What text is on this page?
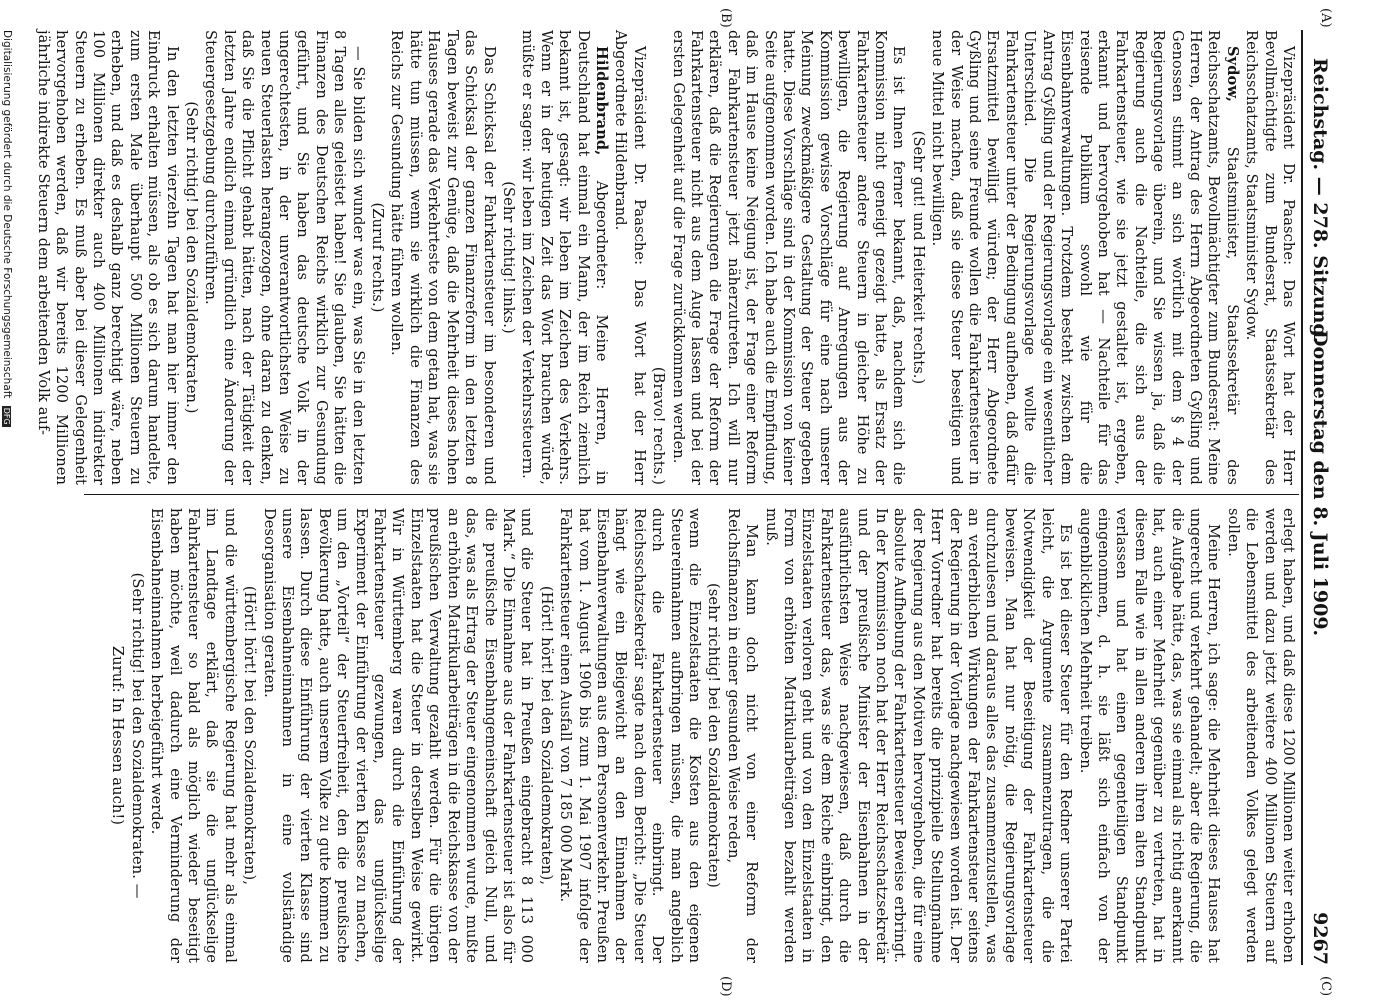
Reichstag. — 278. Sitzung.
Donnerstag den 8. Juli 1909.
9267
(A)
(B)
(C)
(D)

Vizepräsident Dr. Paasche: Das Wort hat der Herr Bevollmächtigte zum Bundesrat, Staatssekretär des Reichsschatzamts, Staatsminister Sydow.

Sydow, Staatsminister, Staatssekretär des Reichsschatzamts, Bevollmächtigter zum Bundesrat: Meine Herren, der Antrag des Herrn Abgeordneten Gyßling und Genossen stimmt an sich wörtlich mit dem § 4 der Regierungsvorlage überein, und Sie wissen ja, daß die Regierung auch die Nachteile, die sich aus der Fahrkartensteuer, wie sie jetzt gestaltet ist, ergeben, erkannt und hervorgehoben hat — Nachteile für das reisende Publikum sowohl wie für die Eisenbahnverwaltungen. Trotzdem besteht zwischen dem Antrag Gyßling und der Regierungsvorlage ein wesentlicher Unterschied. Die Regierungsvorlage wollte die Fahrkartensteuer unter der Bedingung aufheben, daß dafür Ersatzmittel bewilligt würden; der Herr Abgeordnete Gyßling und seine Freunde wollen die Fahrkartensteuer in der Weise machen, daß sie diese Steuer beseitigen und neue Mittel nicht bewilligen.

(Sehr gut! und Heiterkeit rechts.)

Es ist Ihnen ferner bekannt, daß, nachdem sich die Kommission nicht geneigt gezeigt hatte, als Ersatz der Fahrkartensteuer andere Steuern in gleicher Höhe zu bewilligen, die Regierung auf Anregungen aus der Kommission gewisse Vorschläge für eine nach unserer Meinung zweckmäßigere Gestaltung der Steuer gegeben hatte. Diese Vorschläge sind in der Kommission von keiner Seite aufgenommen worden. Ich habe auch die Empfindung, daß im Hause keine Neigung ist, der Frage einer Reform der Fahrkartensteuer jetzt näherzutreten. Ich will nur erklären, daß die Regierungen die Frage der Reform der Fahrkartensteuer nicht aus dem Auge lassen und bei der ersten Gelegenheit auf die Frage zurückkommen werden.

(Bravo! rechts.)

Vizepräsident Dr. Paasche: Das Wort hat der Herr Abgeordnete Hildenbrand.

Hildenbrand, Abgeordneter: Meine Herren, in Deutschland hat einmal ein Mann, der im Reich ziemlich bekannt ist, gesagt: wir leben im Zeichen des Verkehrs. Wenn er in der heutigen Zeit das Wort brauchen würde, müßte er sagen: wir leben im Zeichen der Verkehrssteuern.

(Sehr richtig! links.)

Das Schicksal der Fahrkartensteuer im besonderen und das Schicksal der ganzen Finanzreform in den letzten 8 Tagen beweist zur Genüge, daß die Mehrheit dieses hohen Hauses gerade das Verkehrteste von dem getan hat, was sie hätte tun müssen, wenn sie wirklich die Finanzen des Reichs zur Gesundung hätte führen wollen.

(Zuruf rechts.)

— Sie bilden sich wunder was ein, was Sie in den letzten 8 Tagen alles geleistet haben! Sie glauben, Sie hätten die Finanzen des Deutschen Reichs wirklich zur Gesundung geführt, und Sie haben das deutsche Volk in der ungerechtesten, in der unverantwortlichsten Weise zu neuen Steuerlasten herangezogen, ohne daran zu denken, daß Sie die Pflicht gehabt hätten, nach der Tätigkeit der letzten Jahre endlich einmal gründlich eine Änderung der Steuergesetzgebung durchzuführen.

(Sehr richtig! bei den Sozialdemokraten.)

In den letzten vierzehn Tagen hat man hier immer den Eindruck erhalten müssen, als ob es sich darum handelte, zum ersten Male überhaupt 500 Millionen Steuern zu erheben, und daß es deshalb ganz berechtigt wäre, neben 100 Millionen direkter auch 400 Millionen indirekter Steuern zu erheben. Es muß aber bei dieser Gelegenheit hervorgehoben werden, daß wir bereits 1200 Millionen jährliche indirekte Steuern dem arbeitenden Volk auf-

erlegt haben, und daß diese 1200 Millionen weiter erhoben werden und dazu jetzt weitere 400 Millionen Steuern auf die Lebensmittel des arbeitenden Volkes gelegt werden sollen.

Meine Herren, ich sage: die Mehrheit dieses Hauses hat ungerecht und verkehrt gehandelt; aber die Regierung, die die Aufgabe hätte, das, was sie einmal als richtig anerkannt hat, auch einer Mehrheit gegenüber zu vertreten, hat in diesem Falle wie in allen anderen ihren alten Standpunkt verlassen und hat einen gegenteiligen Standpunkt eingenommen, d. h. sie läßt sich einfach von der augenblicklichen Mehrheit treiben.

Es ist bei dieser Steuer für den Redner unserer Partei leicht, die Argumente zusammenzutragen, die die Notwendigkeit der Beseitigung der Fahrkartensteuer beweisen. Man hat nur nötig, die Regierungsvorlage durchzulesen und daraus alles das zusammenzustellen, was an verderblichen Wirkungen der Fahrkartensteuer seitens der Regierung in der Vorlage nachgewiesen worden ist. Der Herr Vorredner hat bereits die prinzipielle Stellungnahme der Regierung aus den Motiven hervorgehoben, die für eine absolute Aufhebung der Fahrkartensteuer Beweise erbringt. In der Kommission noch hat der Herr Reichsschatzsekretär und der preußische Minister der Eisenbahnen in der ausführlichsten Weise nachgewiesen, daß durch die Fahrkartensteuer das, was sie dem Reiche einbringt, den Einzelstaaten verloren geht und von den Einzelstaaten in Form von erhöhten Matrikularbeiträgen bezahlt werden muß.

Man kann doch nicht von einer Reform der Reichsfinanzen in einer gesunden Weise reden,

(sehr richtig! bei den Sozialdemokraten)

wenn die Einzelstaaten die Kosten aus den eigenen Steuereinnahmen aufbringen müssen, die man angeblich durch die Fahrkartensteuer einbringt. Der Reichsschatzsekretär sagte nach dem Bericht: „Die Steuer hängt wie ein Bleigewicht an den Einnahmen der Eisenbahnverwaltungen aus dem Personenverkehr. Preußen hat vom 1. August 1906 bis zum 1. Mai 1907 infolge der Fahrkartensteuer einen Ausfall von 7 185 000 Mark.

(Hört! hört! bei den Sozialdemokraten),

und die Steuer hat in Preußen eingebracht 8 113 000 Mark.“ Die Einnahme aus der Fahrkartensteuer ist also für die preußische Eisenbahngemeinschaft gleich Null, und das, was als Ertrag der Steuer eingenommen wurde, mußte an erhöhten Matrikularbeiträgen in die Reichskasse von der preußischen Verwaltung gezahlt werden. Für die übrigen Einzelstaaten hat die Steuer in derselben Weise gewirkt. Wir in Württemberg waren durch die Einführung der Fahrkartensteuer gezwungen, das unglückselige Experiment der Einführung der vierten Klasse zu machen, um den „Vorteil“ der Steuerfreiheit, den die preußische Bevölkerung hatte, auch unserem Volke zu gute kommen zu lassen. Durch diese Einführung der vierten Klasse sind unsere Eisenbahneinnahmen in eine vollständige Desorganisation geraten.

(Hört! hört! bei den Sozialdemokraten),

und die württembergische Regierung hat mehr als einmal im Landtage erklärt, daß sie die unglückselige Fahrkartensteuer so bald als möglich wieder beseitigt haben möchte, weil dadurch eine Verminderung der Eisenbahneinnahmen herbeigeführt werde.

(Sehr richtig! bei den Sozialdemokraten. —

Zuruf: In Hessen auch!)

Digitalisierung gefördert durch die Deutsche Forschungsgemeinschaft DFG
